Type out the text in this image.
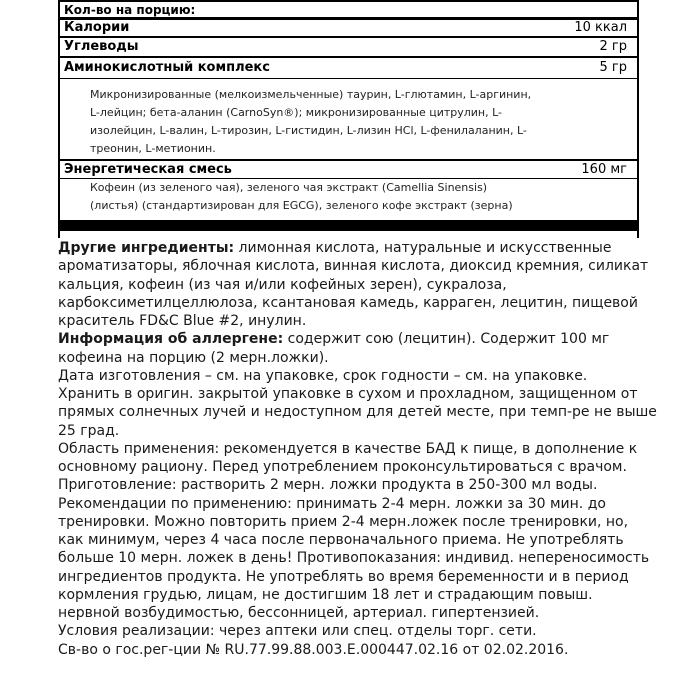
Кол-во на порцию:
Калории	10 ккал
Углеводы	2 гр
Аминокислотный комплекс	5 гр
Микронизированные (мелкоизмельченные) таурин, L-глютамин, L-аргинин,
L-лейцин; бета-аланин (CarnoSyn®); микронизированные цитрулин, L-
изолейцин, L-валин, L-тирозин, L-гистидин, L-лизин HCl, L-фенилаланин, L-
треонин, L-метионин.
Энергетическая смесь	160 мг
Кофеин (из зеленого чая), зеленого чая экстракт (Camellia Sinensis)
(листья) (стандартизирован для EGCG), зеленого кофе экстракт (зерна)

Другие ингредиенты: лимонная кислота, натуральные и искусственные ароматизаторы, яблочная кислота, винная кислота, диоксид кремния, силикат кальция, кофеин (из чая и/или кофейных зерен), сукралоза, карбоксиметилцеллюлоза, ксантановая камедь, карраген, лецитин, пищевой краситель FD&C Blue #2, инулин.

Информация об аллергене: содержит сою (лецитин). Содержит 100 мг кофеина на порцию (2 мерн.ложки).

Дата изготовления – см. на упаковке, срок годности – см. на упаковке.

Хранить в оригин. закрытой упаковке в сухом и прохладном, защищенном от прямых солнечных лучей и недоступном для детей месте, при темп-ре не выше 25 град.

Область применения: рекомендуется в качестве БАД к пище, в дополнение к основному рациону. Перед употреблением проконсультироваться с врачом. Приготовление: растворить 2 мерн. ложки продукта в 250-300 мл воды. Рекомендации по применению: принимать 2-4 мерн. ложки за 30 мин. до тренировки. Можно повторить прием 2-4 мерн.ложек после тренировки, но, как минимум, через 4 часа после первоначального приема. Не употреблять больше 10 мерн. ложек в день! Противопоказания: индивид. непереносимость ингредиентов продукта. Не употреблять во время беременности и в период кормления грудью, лицам, не достигшим 18 лет и страдающим повыш. нервной возбудимостью, бессонницей, артериал. гипертензией.

Условия реализации: через аптеки или спец. отделы торг. сети.

Св-во о гос.рег-ции № RU.77.99.88.003.Е.000447.02.16 от 02.02.2016.
